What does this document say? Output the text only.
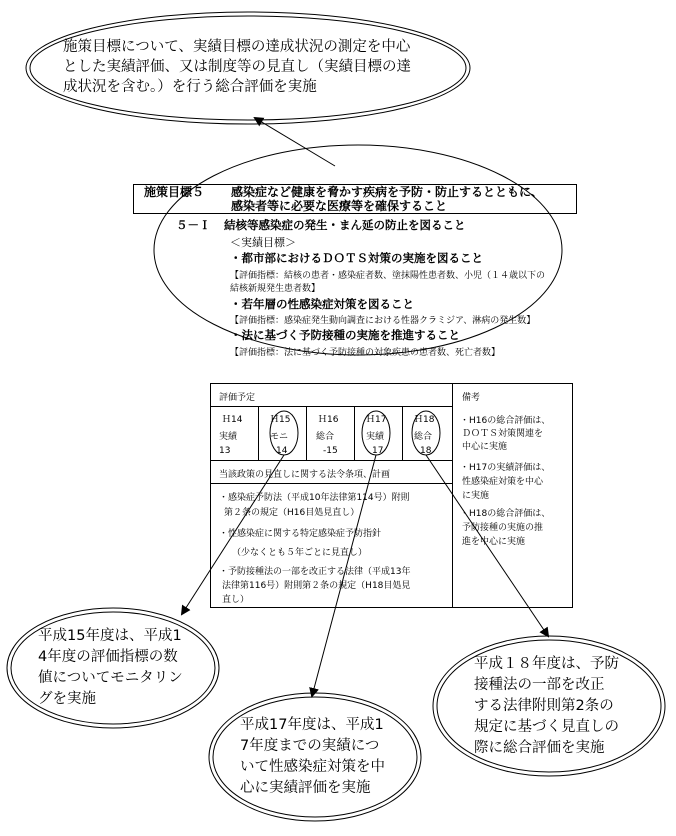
施策目標について、実績目標の達成状況の測定を中心
とした実績評価、又は制度等の見直し（実績目標の達
成状況を含む。）を行う総合評価を実施
施策目標５ 感染症など健康を脅かす疾病を予防・防止するとともに、
感染者等に必要な医療等を確保すること
５－Ｉ 結核等感染症の発生・まん延の防止を図ること
＜実績目標＞
・都市部におけるＤＯＴＳ対策の実施を図ること
【評価指標：結核の患者・感染症者数、塗抹陽性患者数、小児（１４歳以下の
結核新規発生患者数】
・若年層の性感染症対策を図ること
【評価指標：感染症発生動向調査における性器クラミジア、淋病の発生数】
・法に基づく予防接種の実施を推進すること
【評価指標：法に基づく予防接種の対象疾患の患者数、死亡者数】
評価予定	備考
Ｈ14	Ｈ15	Ｈ16	Ｈ17	Ｈ18
実績	モニ	総合	実績	総合
13	14	-15	17	18
当該政策の見直しに関する法令条項、計画
・感染症予防法（平成10年法律第114号）附則
第２条の規定（H16目処見直し）
・性感染症に関する特定感染症予防指針
（少なくとも５年ごとに見直し）
・予防接種法の一部を改正する法律（平成13年
法律第116号）附則第２条の規定（H18目処見
直し）
・H16の総合評価は、
ＤＯＴＳ対策関連を
中心に実施
・H17の実績評価は、
性感染症対策を中心
に実施
・H18の総合評価は、
予防接種の実施の推
進を中心に実施
平成15年度は、平成1
4年度の評価指標の数
値についてモニタリン
グを実施
平成17年度は、平成1
7年度までの実績につ
いて性感染症対策を中
心に実績評価を実施
平成１８年度は、予防
接種法の一部を改正
する法律附則第2条の
規定に基づく見直しの
際に総合評価を実施
